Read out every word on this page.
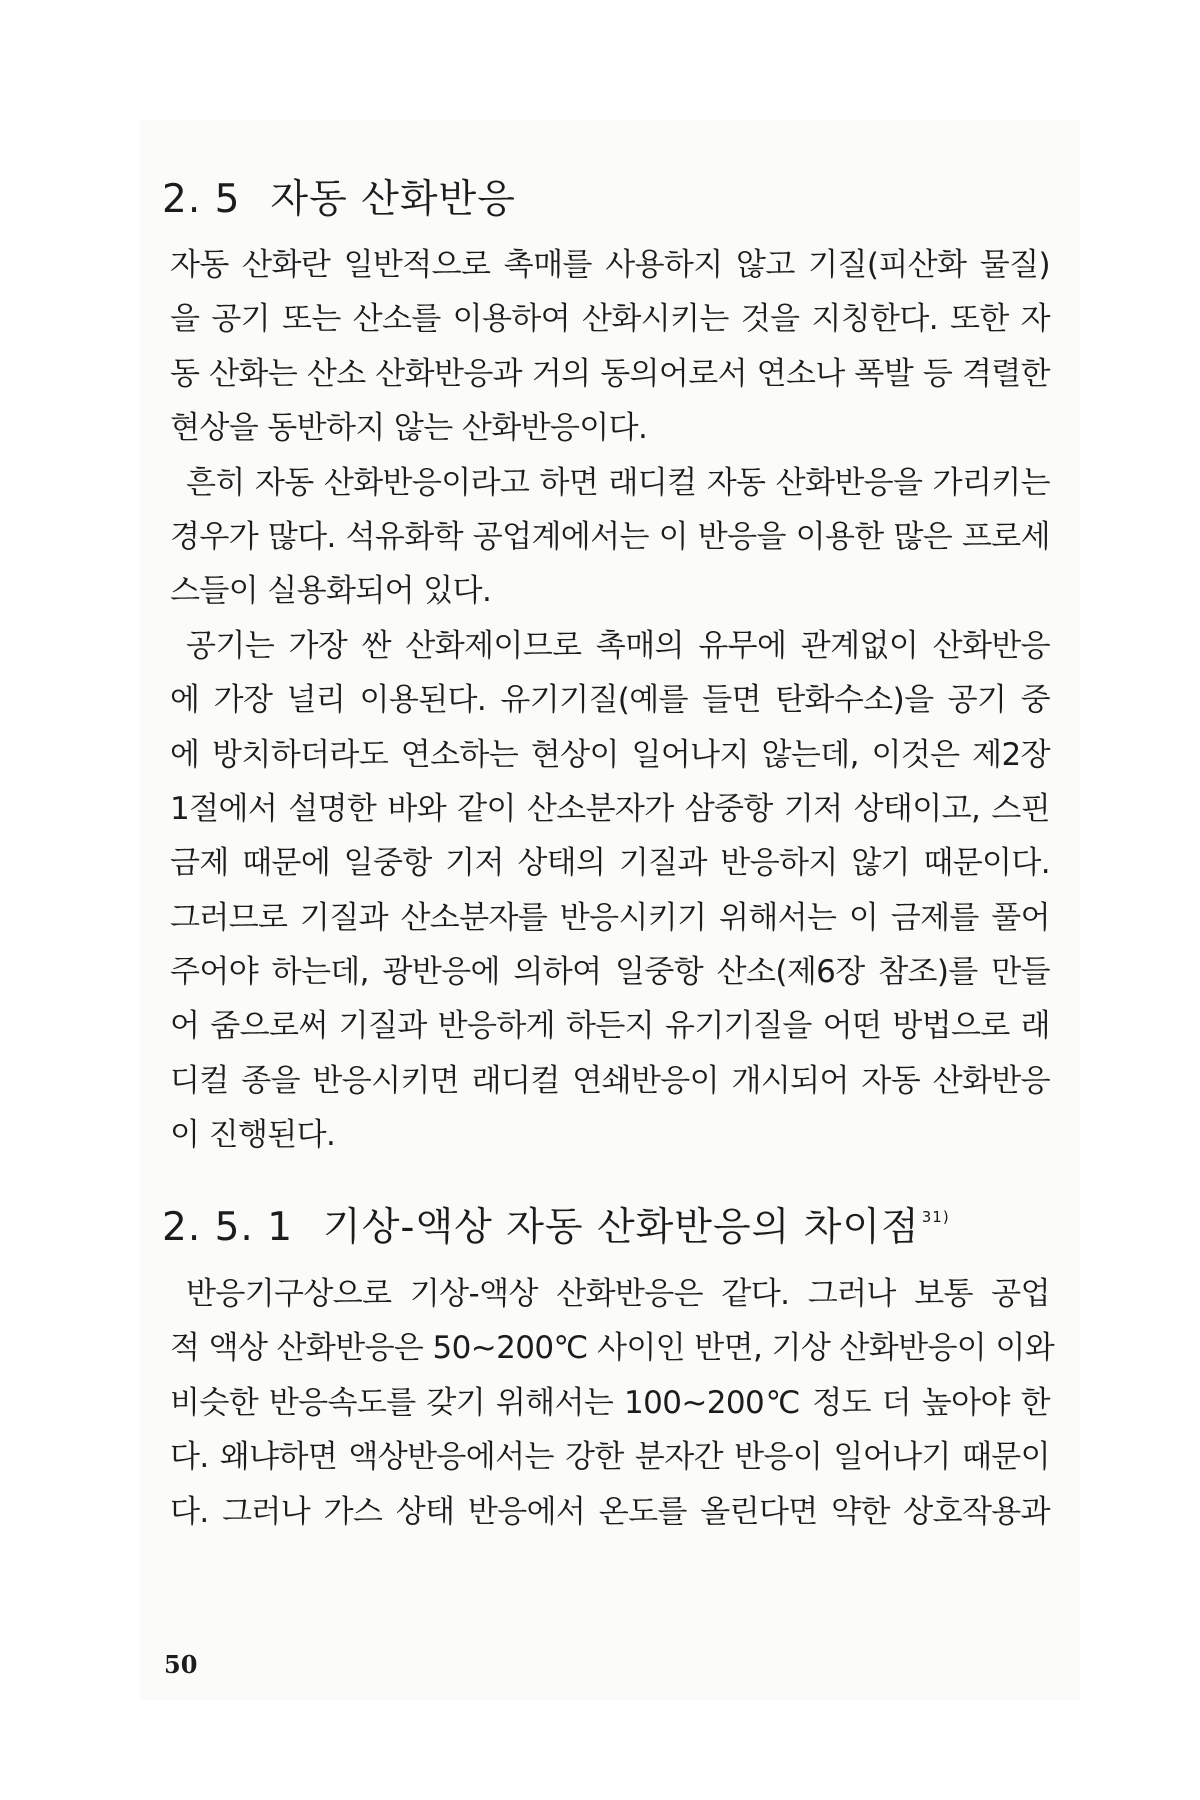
2. 5 자동 산화반응
자동 산화란 일반적으로 촉매를 사용하지 않고 기질(피산화 물질)
을 공기 또는 산소를 이용하여 산화시키는 것을 지칭한다. 또한 자
동 산화는 산소 산화반응과 거의 동의어로서 연소나 폭발 등 격렬한
현상을 동반하지 않는 산화반응이다.
흔히 자동 산화반응이라고 하면 래디컬 자동 산화반응을 가리키는
경우가 많다. 석유화학 공업계에서는 이 반응을 이용한 많은 프로세
스들이 실용화되어 있다.
공기는 가장 싼 산화제이므로 촉매의 유무에 관계없이 산화반응
에 가장 널리 이용된다. 유기기질(예를 들면 탄화수소)을 공기 중
에 방치하더라도 연소하는 현상이 일어나지 않는데, 이것은 제2장
1절에서 설명한 바와 같이 산소분자가 삼중항 기저 상태이고, 스핀
금제 때문에 일중항 기저 상태의 기질과 반응하지 않기 때문이다.
그러므로 기질과 산소분자를 반응시키기 위해서는 이 금제를 풀어
주어야 하는데, 광반응에 의하여 일중항 산소(제6장 참조)를 만들
어 줌으로써 기질과 반응하게 하든지 유기기질을 어떤 방법으로 래
디컬 종을 반응시키면 래디컬 연쇄반응이 개시되어 자동 산화반응
이 진행된다.
2. 5. 1 기상-액상 자동 산화반응의 차이점 $^{31)}$
반응기구상으로 기상-액상 산화반응은 같다. 그러나 보통 공업
적 액상 산화반응은 50~200℃ 사이인 반면, 기상 산화반응이 이와
비슷한 반응속도를 갖기 위해서는 100~200℃ 정도 더 높아야 한
다. 왜냐하면 액상반응에서는 강한 분자간 반응이 일어나기 때문이
다. 그러나 가스 상태 반응에서 온도를 올린다면 약한 상호작용과
50
